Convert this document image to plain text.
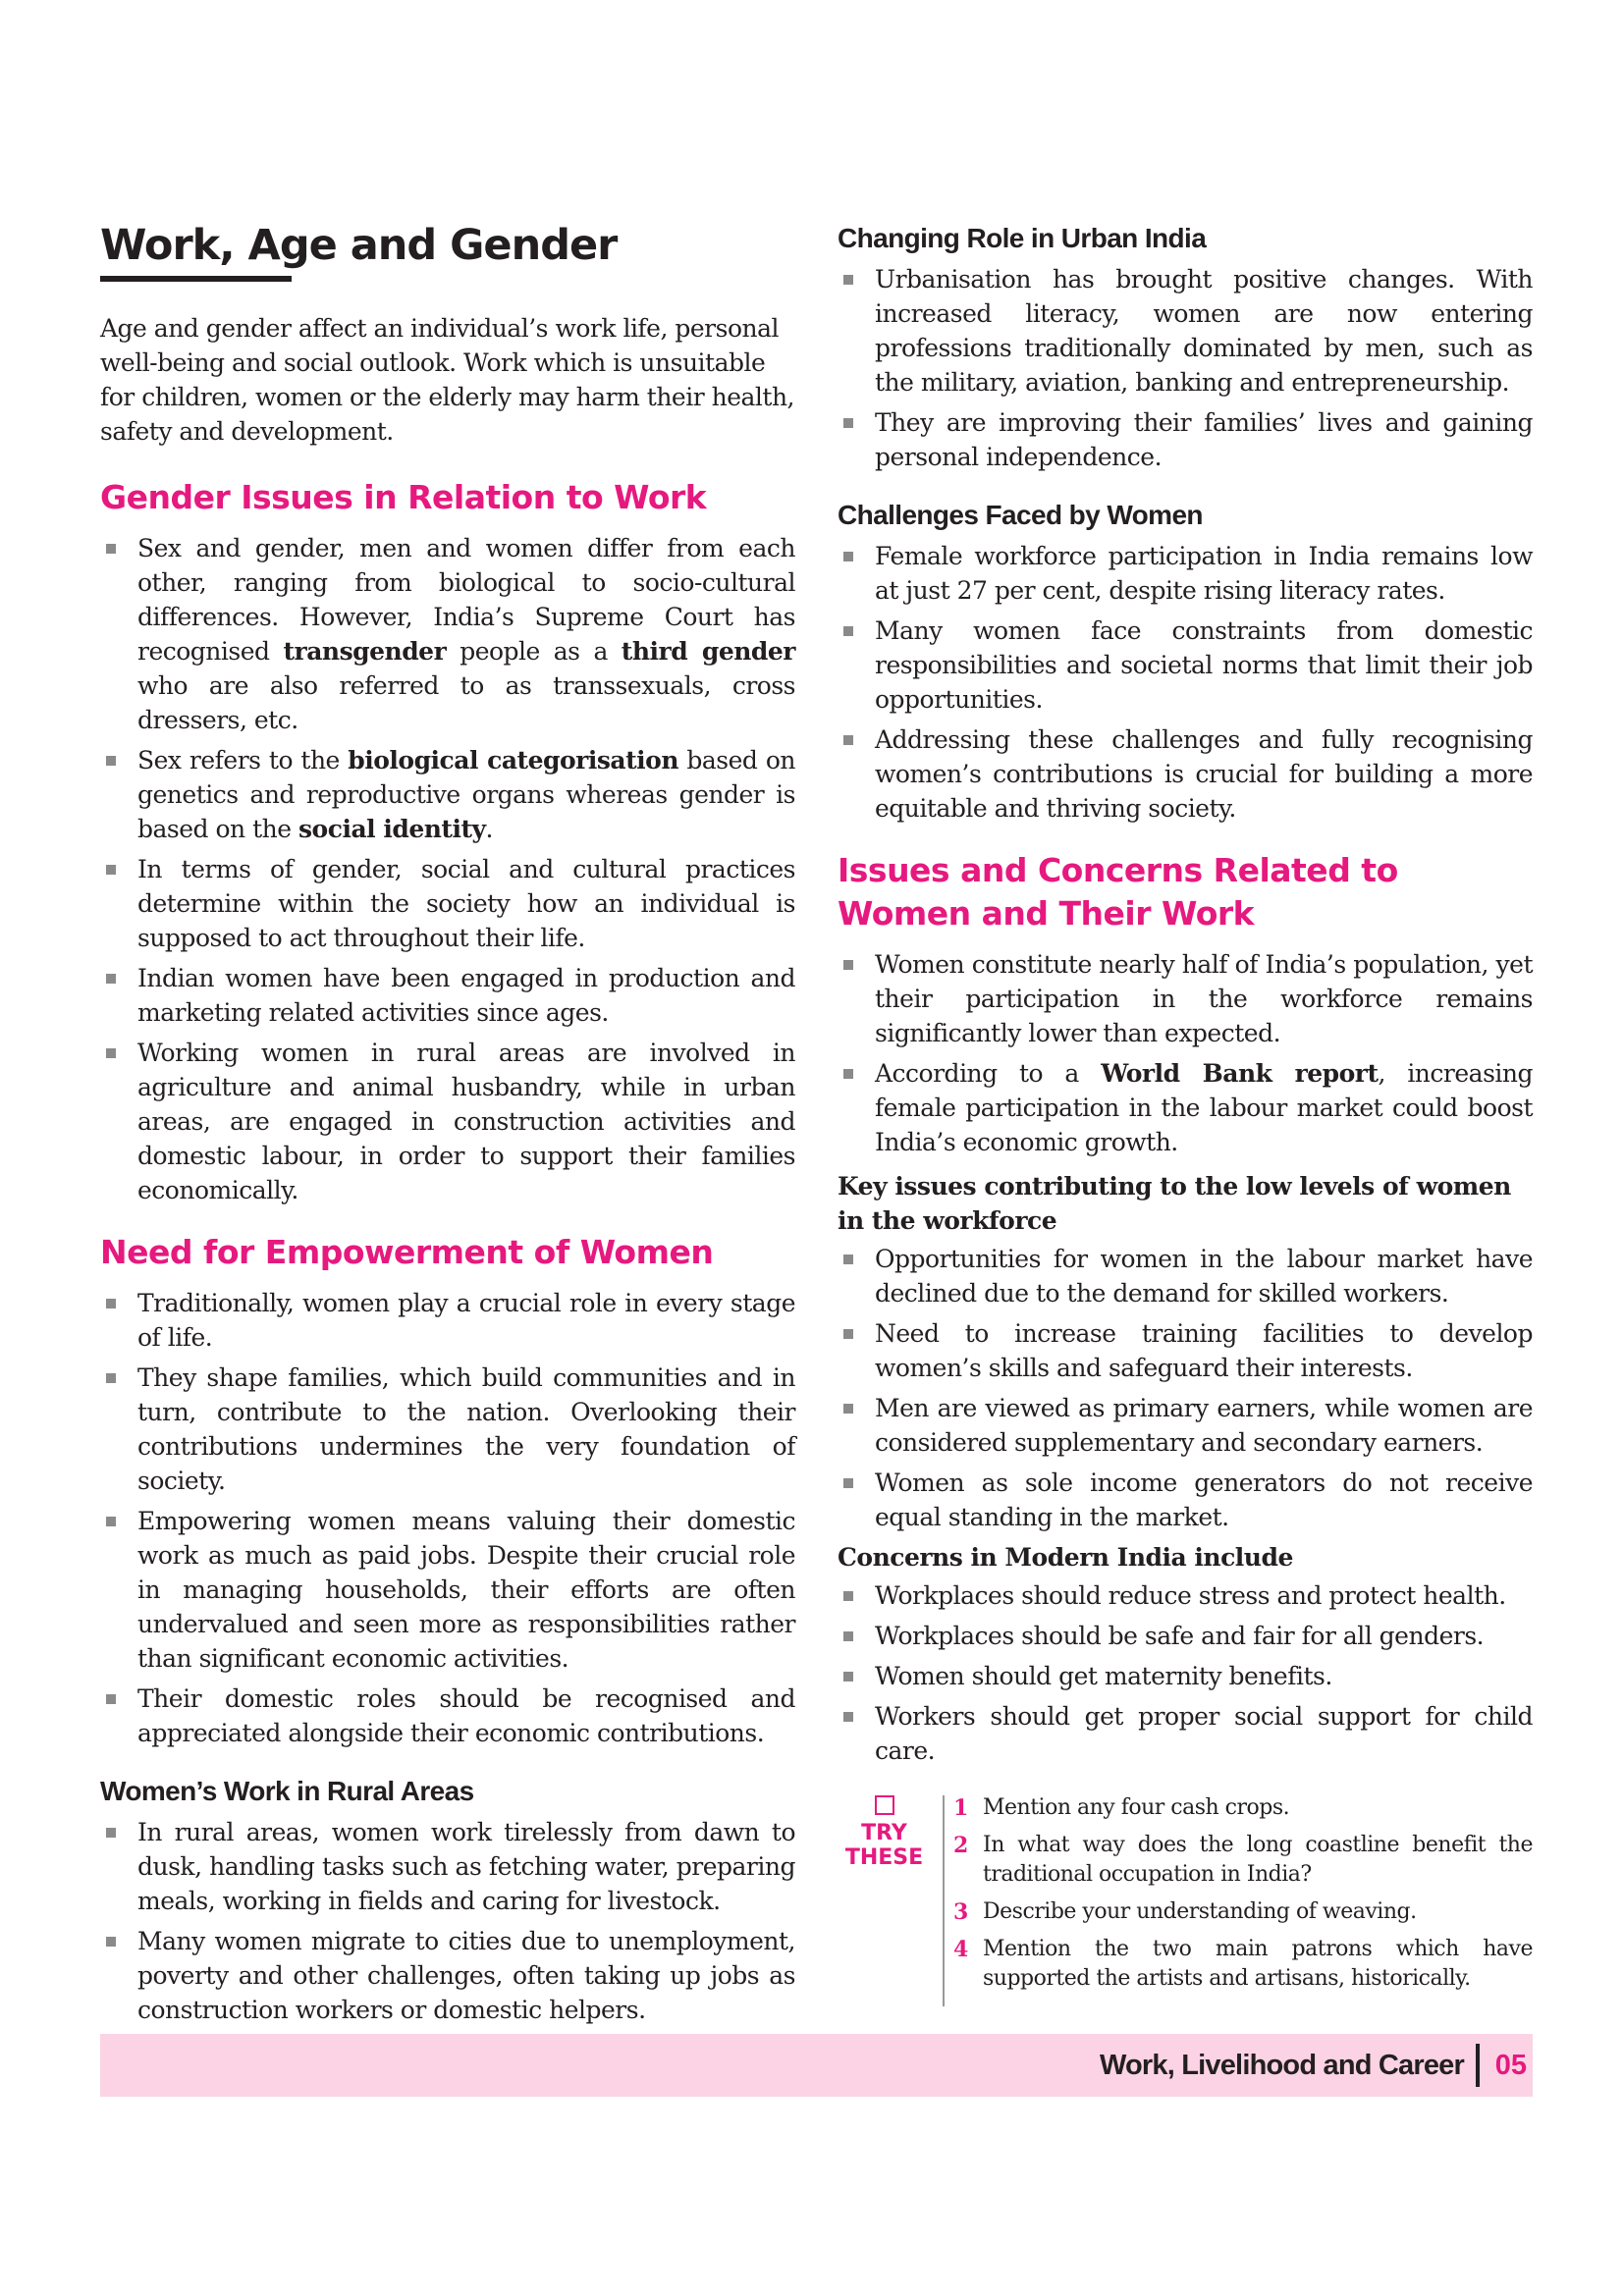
Work, Age and Gender

Age and gender affect an individual’s work life, personal well-being and social outlook. Work which is unsuitable for children, women or the elderly may harm their health, safety and development.

Gender Issues in Relation to Work
Sex and gender, men and women differ from each other, ranging from biological to socio-cultural differences. However, India’s Supreme Court has recognised transgender people as a third gender who are also referred to as transsexuals, cross dressers, etc.
Sex refers to the biological categorisation based on genetics and reproductive organs whereas gender is based on the social identity.
In terms of gender, social and cultural practices determine within the society how an individual is supposed to act throughout their life.
Indian women have been engaged in production and marketing related activities since ages.
Working women in rural areas are involved in agriculture and animal husbandry, while in urban areas, are engaged in construction activities and domestic labour, in order to support their families economically.
Need for Empowerment of Women
Traditionally, women play a crucial role in every stage of life.
They shape families, which build communities and in turn, contribute to the nation. Overlooking their contributions undermines the very foundation of society.
Empowering women means valuing their domestic work as much as paid jobs. Despite their crucial role in managing households, their efforts are often undervalued and seen more as responsibilities rather than significant economic activities.
Their domestic roles should be recognised and appreciated alongside their economic contributions.
Women’s Work in Rural Areas
In rural areas, women work tirelessly from dawn to dusk, handling tasks such as fetching water, preparing meals, working in fields and caring for livestock.
Many women migrate to cities due to unemployment, poverty and other challenges, often taking up jobs as construction workers or domestic helpers.
Changing Role in Urban India
Urbanisation has brought positive changes. With increased literacy, women are now entering professions traditionally dominated by men, such as the military, aviation, banking and entrepreneurship.
They are improving their families’ lives and gaining personal independence.
Challenges Faced by Women
Female workforce participation in India remains low at just 27 per cent, despite rising literacy rates.
Many women face constraints from domestic responsibilities and societal norms that limit their job opportunities.
Addressing these challenges and fully recognising women’s contributions is crucial for building a more equitable and thriving society.
Issues and Concerns Related to
Women and Their Work
Women constitute nearly half of India’s population, yet their participation in the workforce remains significantly lower than expected.
According to a World Bank report, increasing female participation in the labour market could boost India’s economic growth.
Key issues contributing to the low levels of women in the workforce
Opportunities for women in the labour market have declined due to the demand for skilled workers.
Need to increase training facilities to develop women’s skills and safeguard their interests.
Men are viewed as primary earners, while women are considered supplementary and secondary earners.
Women as sole income generators do not receive equal standing in the market.
Concerns in Modern India include
Workplaces should reduce stress and protect health.
Workplaces should be safe and fair for all genders.
Women should get maternity benefits.
Workers should get proper social support for child care.
TRY
THESE
1 Mention any four cash crops.
2 In what way does the long coastline benefit the traditional occupation in India?
3 Describe your understanding of weaving.
4 Mention the two main patrons which have supported the artists and artisans, historically.
Work, Livelihood and Career 05
